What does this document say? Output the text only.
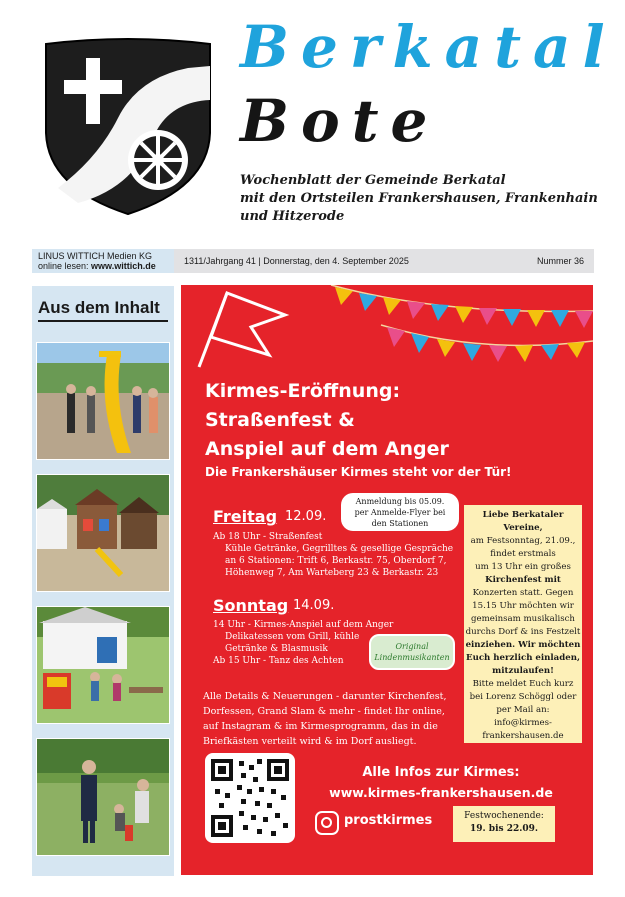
Berkatal
Bote
Wochenblatt der Gemeinde Berkatal
mit den Ortsteilen Frankershausen, Frankenhain
und Hitzerode
LINUS WITTICH Medien KG
online lesen: www.wittich.de	1311/Jahrgang 41 | Donnerstag, den 4. September 2025	Nummer 36
Aus dem Inhalt
Kirmes-Eröffnung:
Straßenfest &
Anspiel auf dem Anger
Die Frankershäuser Kirmes steht vor der Tür!
Anmeldung bis 05.09.
per Anmelde-Flyer bei
den Stationen
Freitag 12.09.
Ab 18 Uhr - Straßenfest
Kühle Getränke, Gegrilltes & gesellige Gespräche
an 6 Stationen: Trift 6, Berkastr. 75, Oberdorf 7,
Höhenweg 7, Am Warteberg 23 & Berkastr. 23
Sonntag 14.09.
14 Uhr - Kirmes-Anspiel auf dem Anger
Delikatessen vom Grill, kühle
Getränke & Blasmusik
Ab 15 Uhr - Tanz des Achten
Original
Lindenmusikanten
Alle Details & Neuerungen - darunter Kirchenfest,
Dorfessen, Grand Slam & mehr - findet Ihr online,
auf Instagram & im Kirmesprogramm, das in die
Briefkästen verteilt wird & im Dorf ausliegt.
Liebe Berkataler Vereine,
am Festsonntag, 21.09.,
findet erstmals
um 13 Uhr ein großes
Kirchenfest mit
Konzerten statt. Gegen
15.15 Uhr möchten wir
gemeinsam musikalisch
durchs Dorf & ins Festzelt
einziehen. Wir möchten
Euch herzlich einladen,
mitzulaufen!
Bitte meldet Euch kurz
bei Lorenz Schöggl oder
per Mail an:
info@kirmes-
frankershausen.de
Alle Infos zur Kirmes:
www.kirmes-frankershausen.de
prostkirmes	Festwochenende:
19. bis 22.09.
